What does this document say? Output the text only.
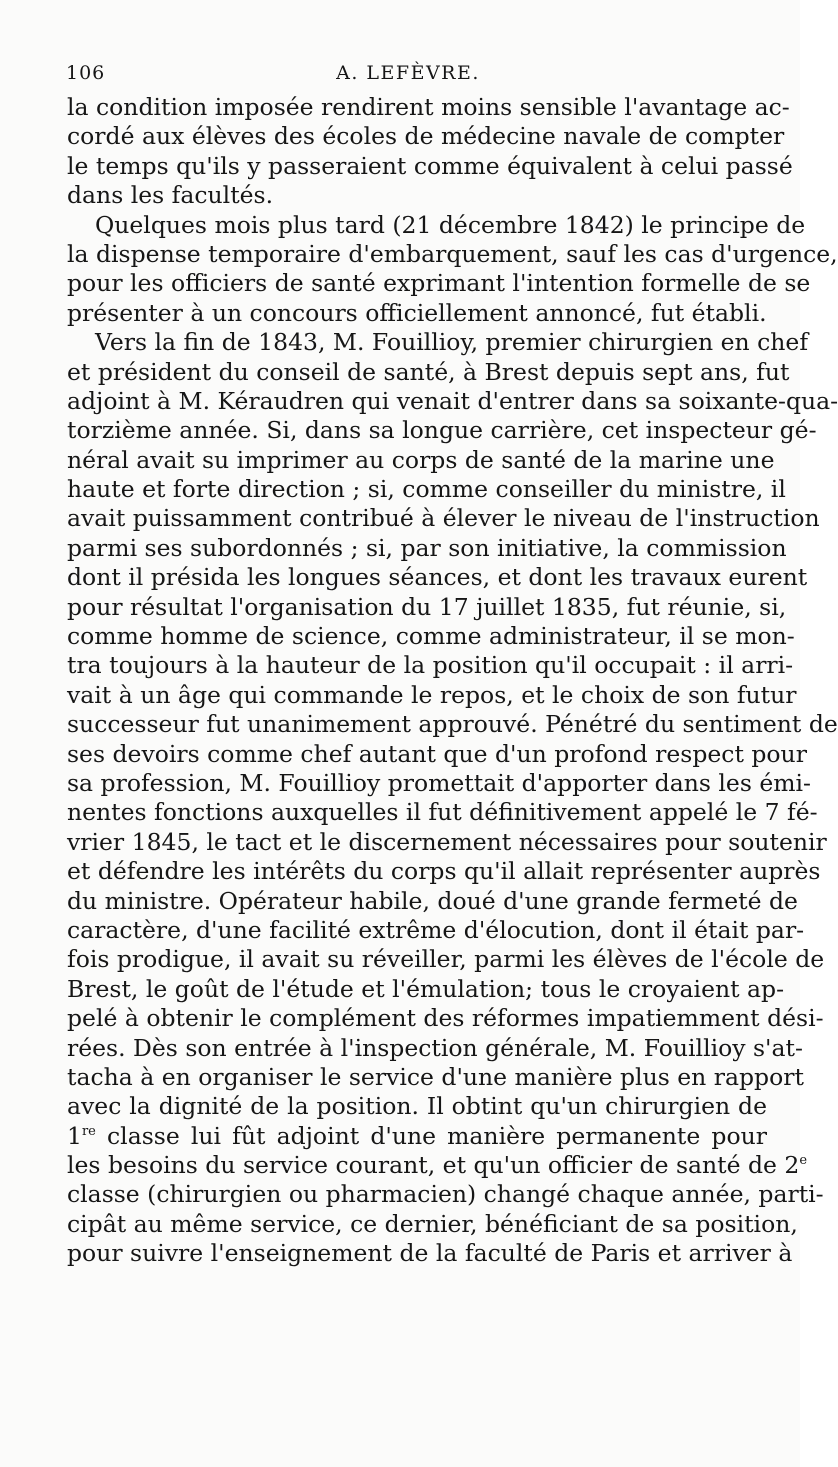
106	A. LEFÈVRE.
la condition imposée rendirent moins sensible l'avantage ac-
cordé aux élèves des écoles de médecine navale de compter
le temps qu'ils y passeraient comme équivalent à celui passé
dans les facultés.
Quelques mois plus tard (21 décembre 1842) le principe de
la dispense temporaire d'embarquement, sauf les cas d'urgence,
pour les officiers de santé exprimant l'intention formelle de se
présenter à un concours officiellement annoncé, fut établi.
Vers la fin de 1843, M. Fouillioy, premier chirurgien en chef
et président du conseil de santé, à Brest depuis sept ans, fut
adjoint à M. Kéraudren qui venait d'entrer dans sa soixante-qua-
torzième année. Si, dans sa longue carrière, cet inspecteur gé-
néral avait su imprimer au corps de santé de la marine une
haute et forte direction ; si, comme conseiller du ministre, il
avait puissamment contribué à élever le niveau de l'instruction
parmi ses subordonnés ; si, par son initiative, la commission
dont il présida les longues séances, et dont les travaux eurent
pour résultat l'organisation du 17 juillet 1835, fut réunie, si,
comme homme de science, comme administrateur, il se mon-
tra toujours à la hauteur de la position qu'il occupait : il arri-
vait à un âge qui commande le repos, et le choix de son futur
successeur fut unanimement approuvé. Pénétré du sentiment de
ses devoirs comme chef autant que d'un profond respect pour
sa profession, M. Fouillioy promettait d'apporter dans les émi-
nentes fonctions auxquelles il fut définitivement appelé le 7 fé-
vrier 1845, le tact et le discernement nécessaires pour soutenir
et défendre les intérêts du corps qu'il allait représenter auprès
du ministre. Opérateur habile, doué d'une grande fermeté de
caractère, d'une facilité extrême d'élocution, dont il était par-
fois prodigue, il avait su réveiller, parmi les élèves de l'école de
Brest, le goût de l'étude et l'émulation; tous le croyaient ap-
pelé à obtenir le complément des réformes impatiemment dési-
rées. Dès son entrée à l'inspection générale, M. Fouillioy s'at-
tacha à en organiser le service d'une manière plus en rapport
avec la dignité de la position. Il obtint qu'un chirurgien de
1re classe lui fût adjoint d'une manière permanente pour
les besoins du service courant, et qu'un officier de santé de 2e
classe (chirurgien ou pharmacien) changé chaque année, parti-
cipât au même service, ce dernier, bénéficiant de sa position,
pour suivre l'enseignement de la faculté de Paris et arriver à
